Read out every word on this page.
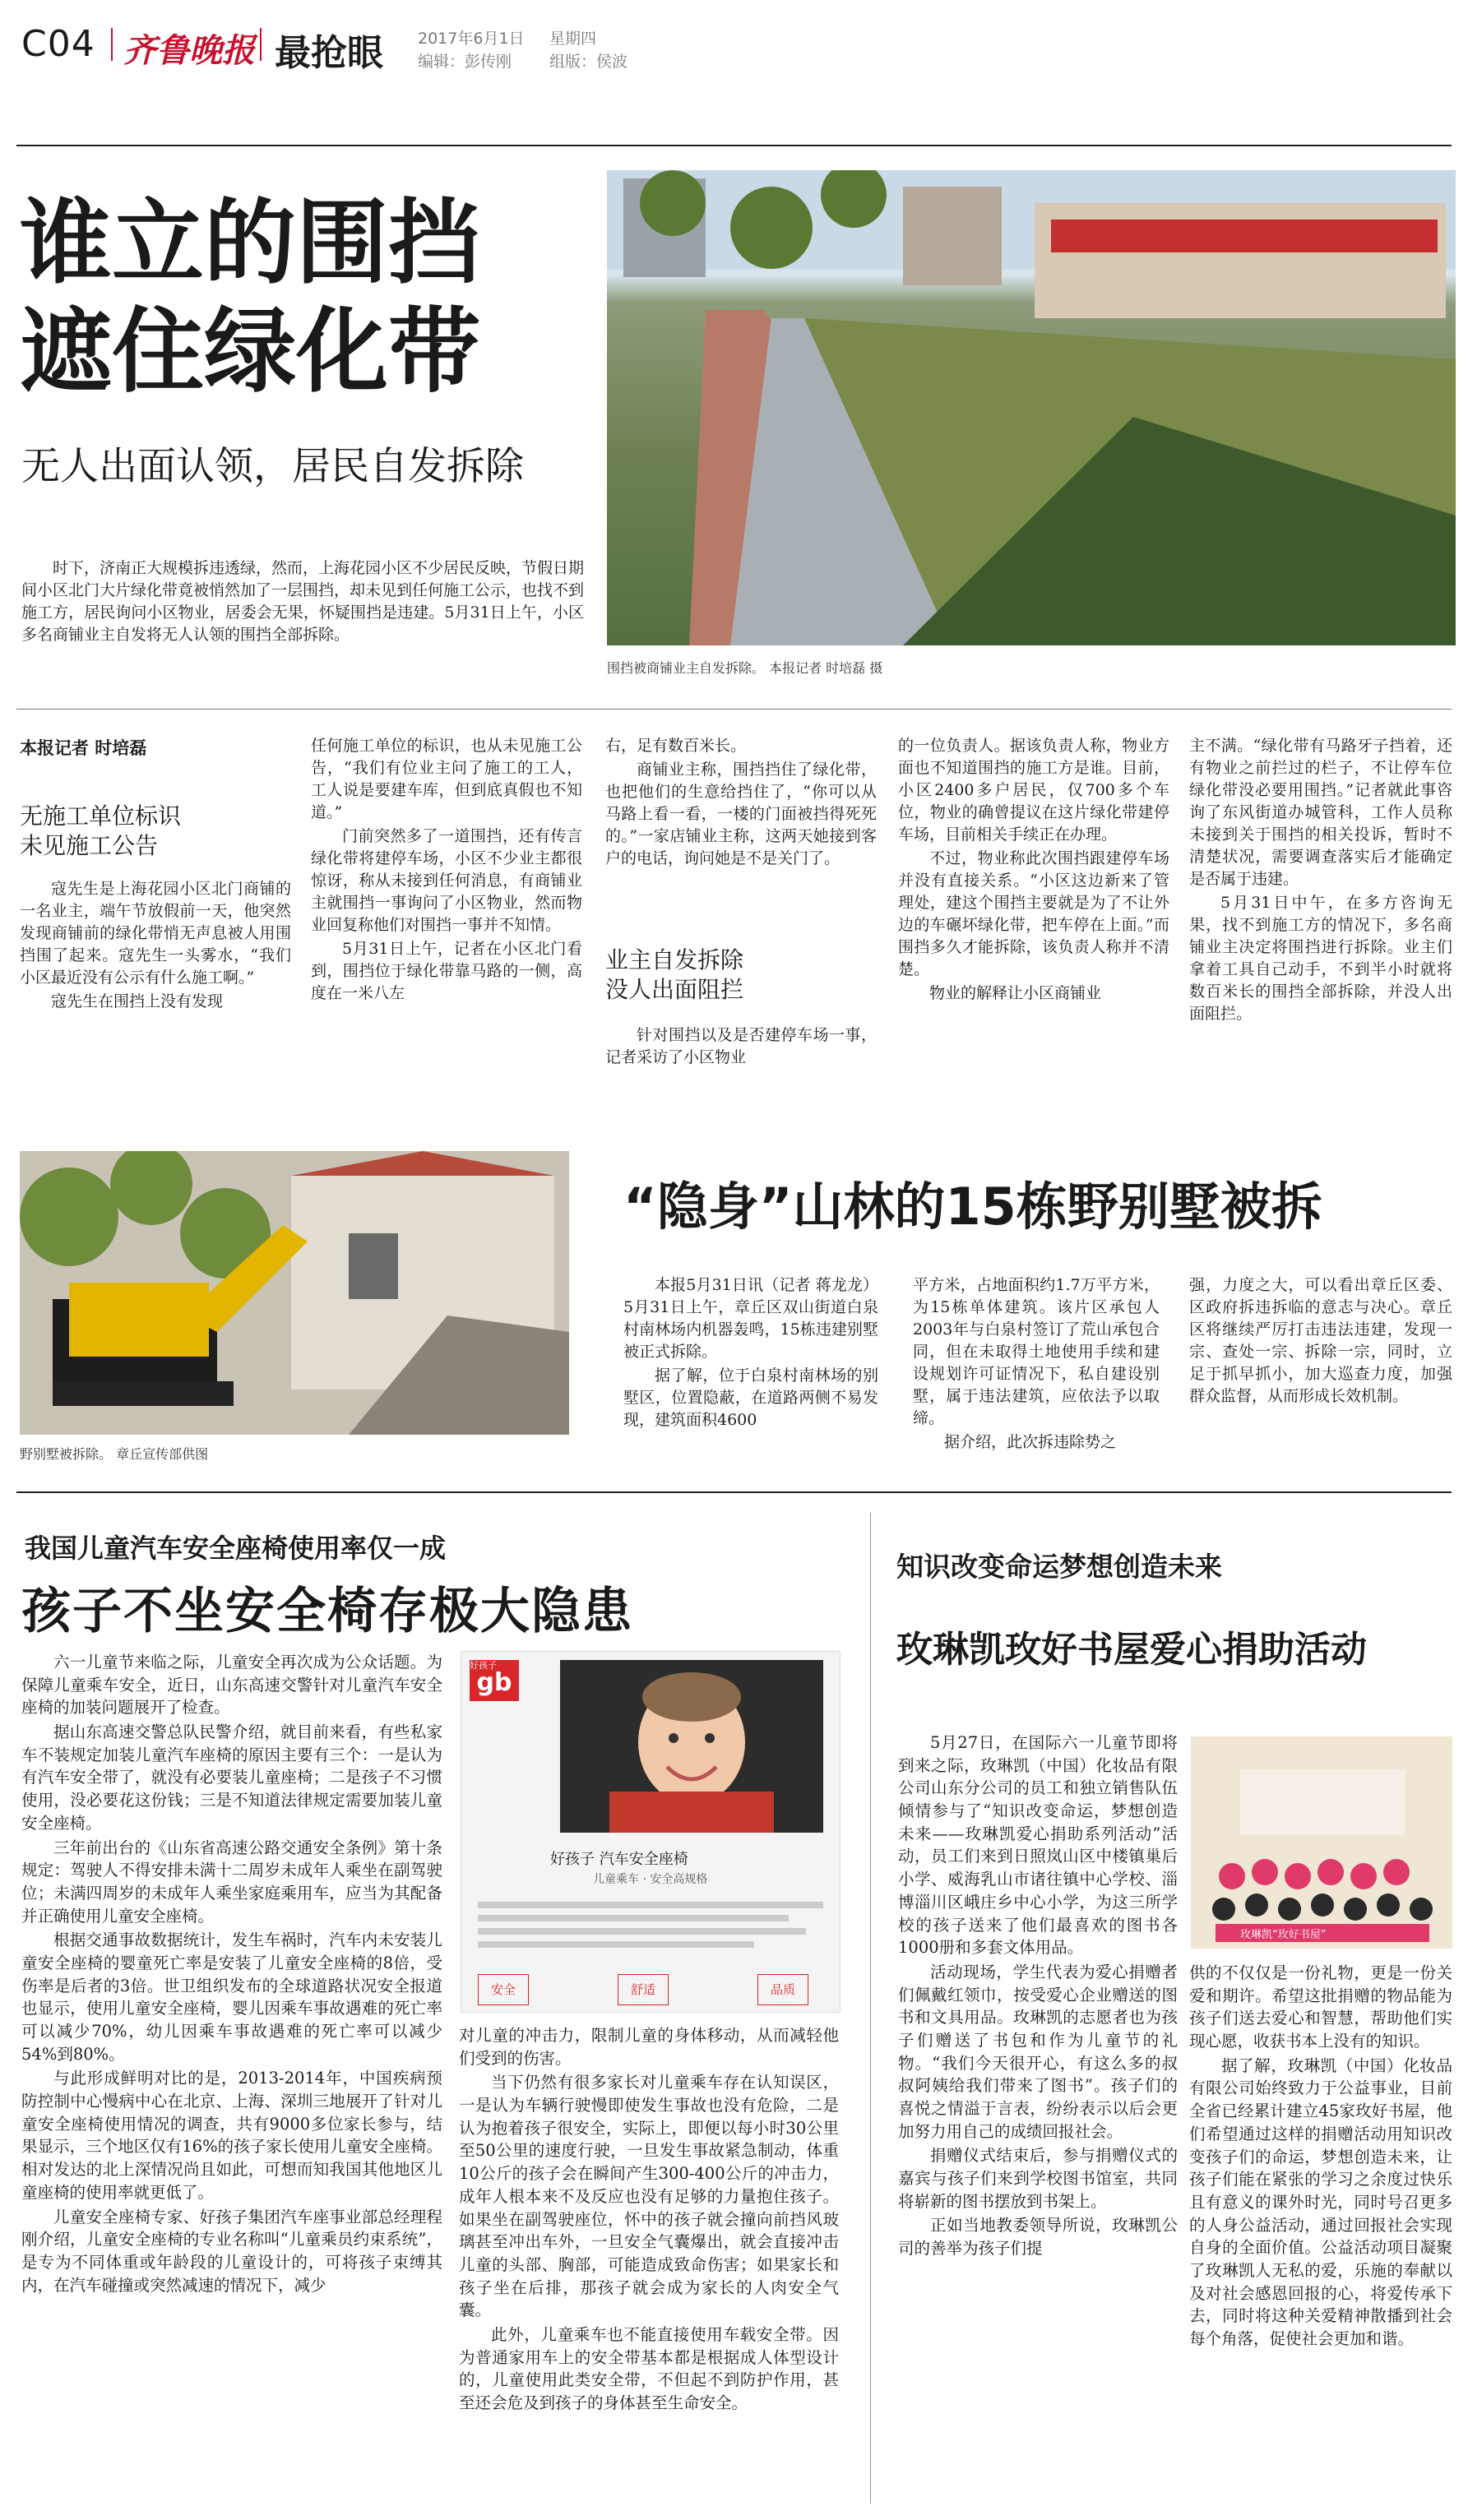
C04 齐鲁晚报 最抢眼 2017年6月1日 星期四
编辑：彭传刚 组版：侯波
谁立的围挡
遮住绿化带
无人出面认领，居民自发拆除

时下，济南正大规模拆违透绿，然而，上海花园小区不少居民反映，节假日期间小区北门大片绿化带竟被悄然加了一层围挡，却未见到任何施工公示，也找不到施工方，居民询问小区物业，居委会无果，怀疑围挡是违建。5月31日上午，小区多名商铺业主自发将无人认领的围挡全部拆除。

围挡被商铺业主自发拆除。 本报记者 时培磊 摄
本报记者 时培磊
无施工单位标识
未见施工公告

寇先生是上海花园小区北门商铺的一名业主，端午节放假前一天，他突然发现商铺前的绿化带悄无声息被人用围挡围了起来。寇先生一头雾水，“我们小区最近没有公示有什么施工啊。”

寇先生在围挡上没有发现

任何施工单位的标识，也从未见施工公告，“我们有位业主问了施工的工人，工人说是要建车库，但到底真假也不知道。”

门前突然多了一道围挡，还有传言绿化带将建停车场，小区不少业主都很惊讶，称从未接到任何消息，有商铺业主就围挡一事询问了小区物业，然而物业回复称他们对围挡一事并不知情。

5月31日上午，记者在小区北门看到，围挡位于绿化带靠马路的一侧，高度在一米八左

右，足有数百米长。

商铺业主称，围挡挡住了绿化带，也把他们的生意给挡住了，“你可以从马路上看一看，一楼的门面被挡得死死的。”一家店铺业主称，这两天她接到客户的电话，询问她是不是关门了。

业主自发拆除
没人出面阻拦

针对围挡以及是否建停车场一事，记者采访了小区物业

的一位负责人。据该负责人称，物业方面也不知道围挡的施工方是谁。目前，小区2400多户居民，仅700多个车位，物业的确曾提议在这片绿化带建停车场，目前相关手续正在办理。

不过，物业称此次围挡跟建停车场并没有直接关系。“小区这边新来了管理处，建这个围挡主要就是为了不让外边的车碾坏绿化带，把车停在上面。”而围挡多久才能拆除，该负责人称并不清楚。

物业的解释让小区商铺业

主不满。“绿化带有马路牙子挡着，还有物业之前拦过的栏子，不让停车位绿化带没必要用围挡。”记者就此事咨询了东风街道办城管科，工作人员称未接到关于围挡的相关投诉，暂时不清楚状况，需要调查落实后才能确定是否属于违建。

5月31日中午，在多方咨询无果，找不到施工方的情况下，多名商铺业主决定将围挡进行拆除。业主们拿着工具自己动手，不到半小时就将数百米长的围挡全部拆除，并没人出面阻拦。

野别墅被拆除。 章丘宣传部供图
“隐身”山林的15栋野别墅被拆

本报5月31日讯（记者 蒋龙龙） 5月31日上午，章丘区双山街道白泉村南林场内机器轰鸣，15栋违建别墅被正式拆除。

据了解，位于白泉村南林场的别墅区，位置隐蔽，在道路两侧不易发现，建筑面积4600

平方米，占地面积约1.7万平方米，为15栋单体建筑。该片区承包人2003年与白泉村签订了荒山承包合同，但在未取得土地使用手续和建设规划许可证情况下，私自建设别墅，属于违法建筑，应依法予以取缔。

据介绍，此次拆违除势之

强，力度之大，可以看出章丘区委、区政府拆违拆临的意志与决心。章丘区将继续严厉打击违法违建，发现一宗、查处一宗、拆除一宗，同时，立足于抓早抓小，加大巡查力度，加强群众监督，从而形成长效机制。

我国儿童汽车安全座椅使用率仅一成
孩子不坐安全椅存极大隐患

六一儿童节来临之际，儿童安全再次成为公众话题。为保障儿童乘车安全，近日，山东高速交警针对儿童汽车安全座椅的加装问题展开了检查。

据山东高速交警总队民警介绍，就目前来看，有些私家车不装规定加装儿童汽车座椅的原因主要有三个：一是认为有汽车安全带了，就没有必要装儿童座椅；二是孩子不习惯使用，没必要花这份钱；三是不知道法律规定需要加装儿童安全座椅。

三年前出台的《山东省高速公路交通安全条例》第十条规定：驾驶人不得安排未满十二周岁未成年人乘坐在副驾驶位；未满四周岁的未成年人乘坐家庭乘用车，应当为其配备并正确使用儿童安全座椅。

根据交通事故数据统计，发生车祸时，汽车内未安装儿童安全座椅的婴童死亡率是安装了儿童安全座椅的8倍，受伤率是后者的3倍。世卫组织发布的全球道路状况安全报道也显示，使用儿童安全座椅，婴儿因乘车事故遇难的死亡率可以减少70%，幼儿因乘车事故遇难的死亡率可以减少54%到80%。

与此形成鲜明对比的是，2013-2014年，中国疾病预防控制中心慢病中心在北京、上海、深圳三地展开了针对儿童安全座椅使用情况的调查，共有9000多位家长参与，结果显示，三个地区仅有16%的孩子家长使用儿童安全座椅。相对发达的北上深情况尚且如此，可想而知我国其他地区儿童座椅的使用率就更低了。

儿童安全座椅专家、好孩子集团汽车座事业部总经理程刚介绍，儿童安全座椅的专业名称叫“儿童乘员约束系统”，是专为不同体重或年龄段的儿童设计的，可将孩子束缚其内，在汽车碰撞或突然减速的情况下，减少

gb
好孩子
好孩子 汽车安全座椅
儿童乘车 · 安全高规格
安全	舒适	品质

对儿童的冲击力，限制儿童的身体移动，从而减轻他们受到的伤害。

当下仍然有很多家长对儿童乘车存在认知误区，一是认为车辆行驶慢即使发生事故也没有危险，二是认为抱着孩子很安全，实际上，即便以每小时30公里至50公里的速度行驶，一旦发生事故紧急制动，体重10公斤的孩子会在瞬间产生300-400公斤的冲击力，成年人根本来不及反应也没有足够的力量抱住孩子。如果坐在副驾驶座位，怀中的孩子就会撞向前挡风玻璃甚至冲出车外，一旦安全气囊爆出，就会直接冲击儿童的头部、胸部，可能造成致命伤害；如果家长和孩子坐在后排，那孩子就会成为家长的人肉安全气囊。

此外，儿童乘车也不能直接使用车载安全带。因为普通家用车上的安全带基本都是根据成人体型设计的，儿童使用此类安全带，不但起不到防护作用，甚至还会危及到孩子的身体甚至生命安全。

知识改变命运梦想创造未来
玫琳凯玫好书屋爱心捐助活动

5月27日，在国际六一儿童节即将到来之际，玫琳凯（中国）化妆品有限公司山东分公司的员工和独立销售队伍倾情参与了“知识改变命运，梦想创造未来——玫琳凯爱心捐助系列活动”活动，员工们来到日照岚山区中楼镇巢后小学、威海乳山市诸往镇中心学校、淄博淄川区峨庄乡中心小学，为这三所学校的孩子送来了他们最喜欢的图书各1000册和多套文体用品。

活动现场，学生代表为爱心捐赠者们佩戴红领巾，按受爱心企业赠送的图书和文具用品。玫琳凯的志愿者也为孩子们赠送了书包和作为儿童节的礼物。“我们今天很开心，有这么多的叔叔阿姨给我们带来了图书”。孩子们的喜悦之情溢于言表，纷纷表示以后会更加努力用自己的成绩回报社会。

捐赠仪式结束后，参与捐赠仪式的嘉宾与孩子们来到学校图书馆室，共同将崭新的图书摆放到书架上。

正如当地教委领导所说，玫琳凯公司的善举为孩子们提

玫琳凯“玫好书屋”

供的不仅仅是一份礼物，更是一份关爱和期许。希望这批捐赠的物品能为孩子们送去爱心和智慧，帮助他们实现心愿，收获书本上没有的知识。

据了解，玫琳凯（中国）化妆品有限公司始终致力于公益事业，目前全省已经累计建立45家玫好书屋，他们希望通过这样的捐赠活动用知识改变孩子们的命运，梦想创造未来，让孩子们能在紧张的学习之余度过快乐且有意义的课外时光，同时号召更多的人身公益活动，通过回报社会实现自身的全面价值。公益活动项目凝聚了玫琳凯人无私的爱，乐施的奉献以及对社会感恩回报的心，将爱传承下去，同时将这种关爱精神散播到社会每个角落，促使社会更加和谐。
